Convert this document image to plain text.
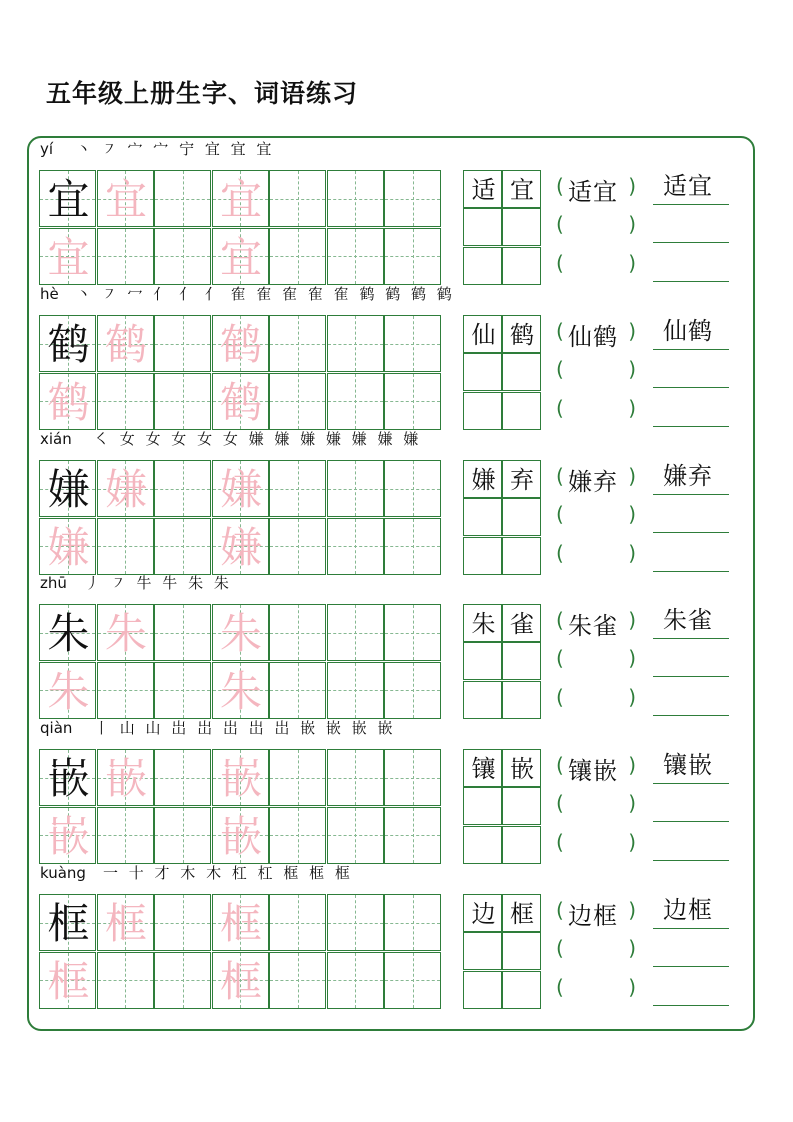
五年级上册生字、词语练习
yí 丶 ㇇ 宀 宀 宁 宜 宜 宜
宜 宜 宜
宜	宜
适 宜	(	)
适宜
(	)
(	)
适宜
hè 丶 ㇇ 冖 亻 亻 亻 隺 隺 隺 隺 隺 鹤 鹤 鹤 鹤
鹤 鹤 鹤
鹤	鹤
仙 鹤	(	)
仙鹤
(	)
(	)
仙鹤
xián ㇛ 女 女 女 女 女 嫌 嫌 嫌 嫌 嫌 嫌 嫌
嫌 嫌 嫌
嫌	嫌
嫌 弃	(	)
嫌弃
(	)
(	)
嫌弃
zhū 丿 ㇇ 牛 牛 朱 朱
朱 朱 朱
朱	朱
朱 雀	(	)
朱雀
(	)
(	)
朱雀
qiàn 丨 山 山 岀 岀 岀 岀 岀 嵌 嵌 嵌 嵌
嵌 嵌 嵌
嵌	嵌
镶 嵌	(	)
镶嵌
(	)
(	)
镶嵌
kuàng 一 十 才 木 木 杠 杠 框 框 框
框 框 框
框	框
边 框	(	)
边框
(	)
(	)
边框
